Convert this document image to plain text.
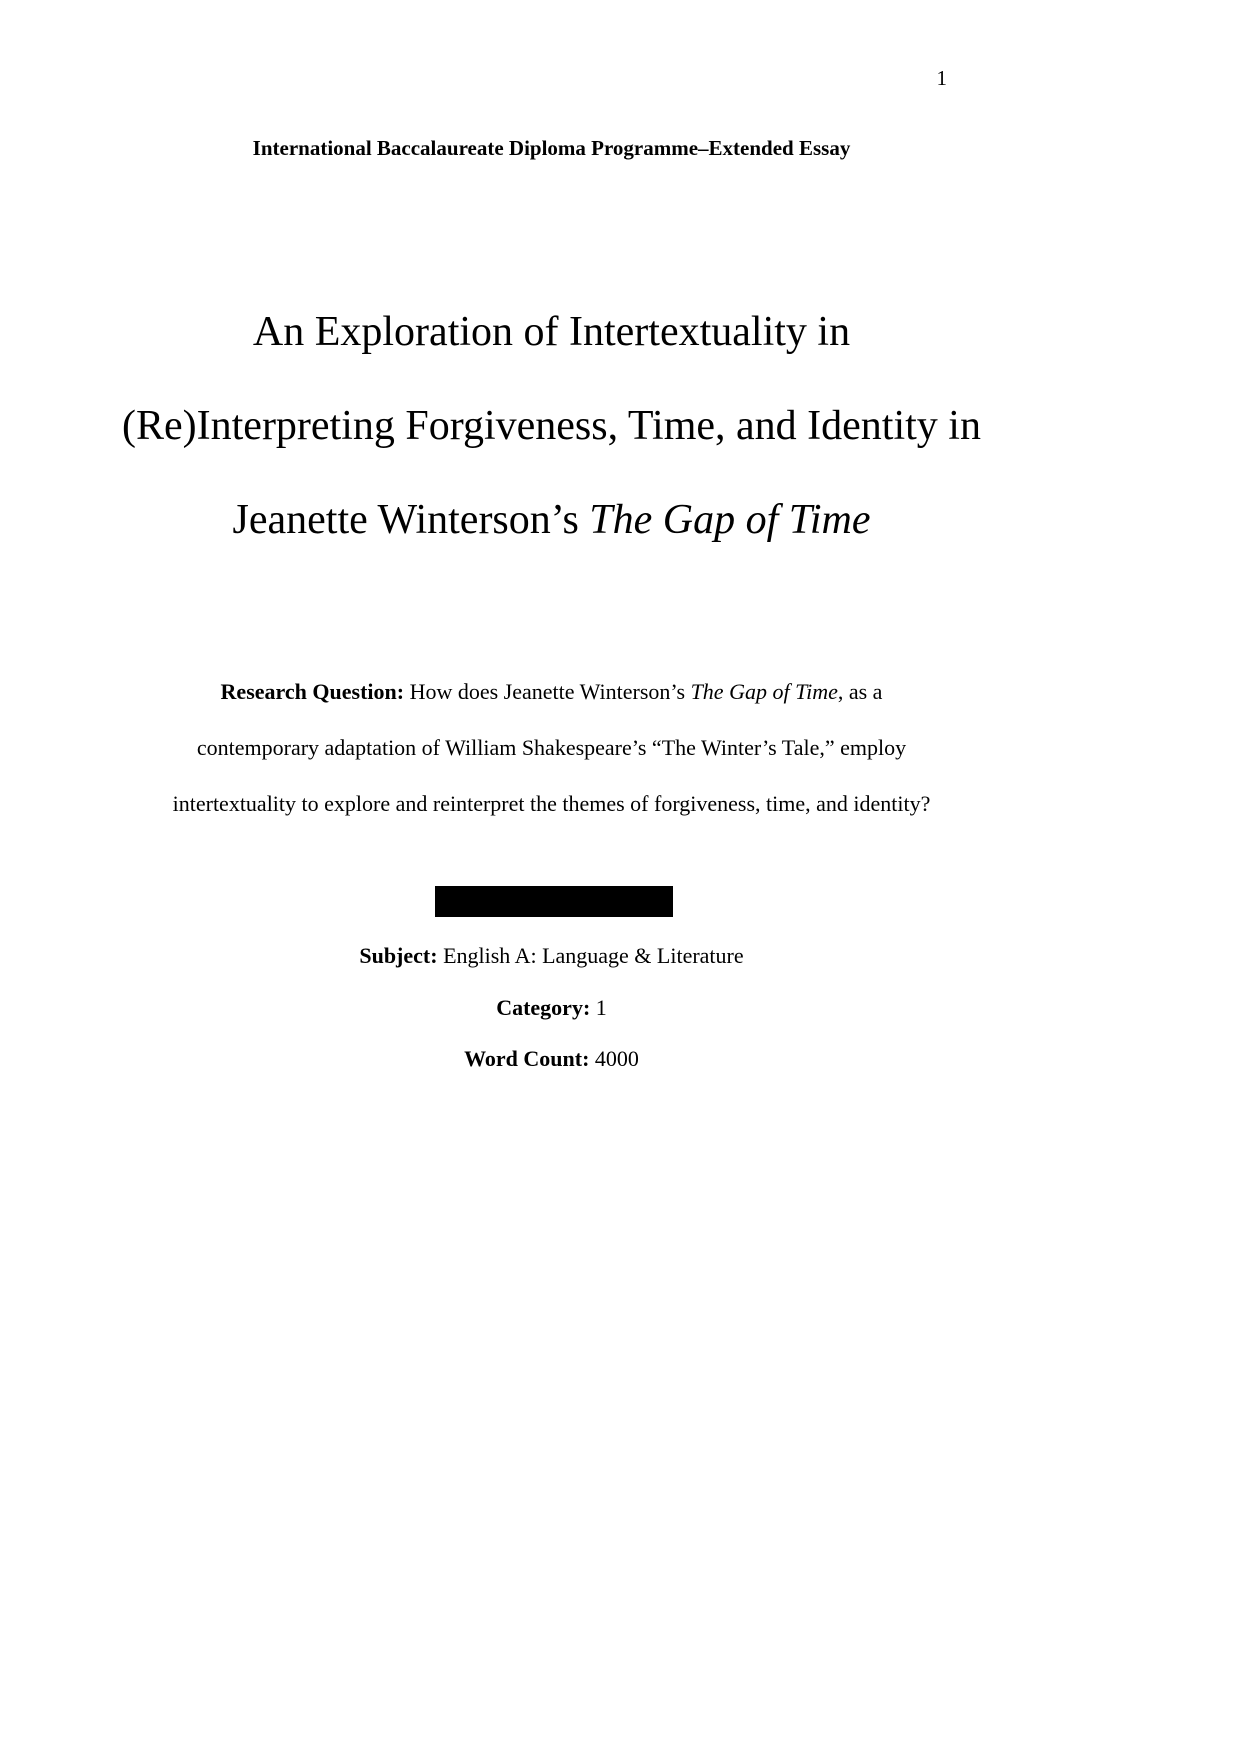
1
International Baccalaureate Diploma Programme–Extended Essay
An Exploration of Intertextuality in
(Re)Interpreting Forgiveness, Time, and Identity in
Jeanette Winterson’s The Gap of Time
Research Question: How does Jeanette Winterson’s The Gap of Time, as a
contemporary adaptation of William Shakespeare’s “The Winter’s Tale,” employ
intertextuality to explore and reinterpret the themes of forgiveness, time, and identity?
Subject: English A: Language & Literature
Category: 1
Word Count: 4000
